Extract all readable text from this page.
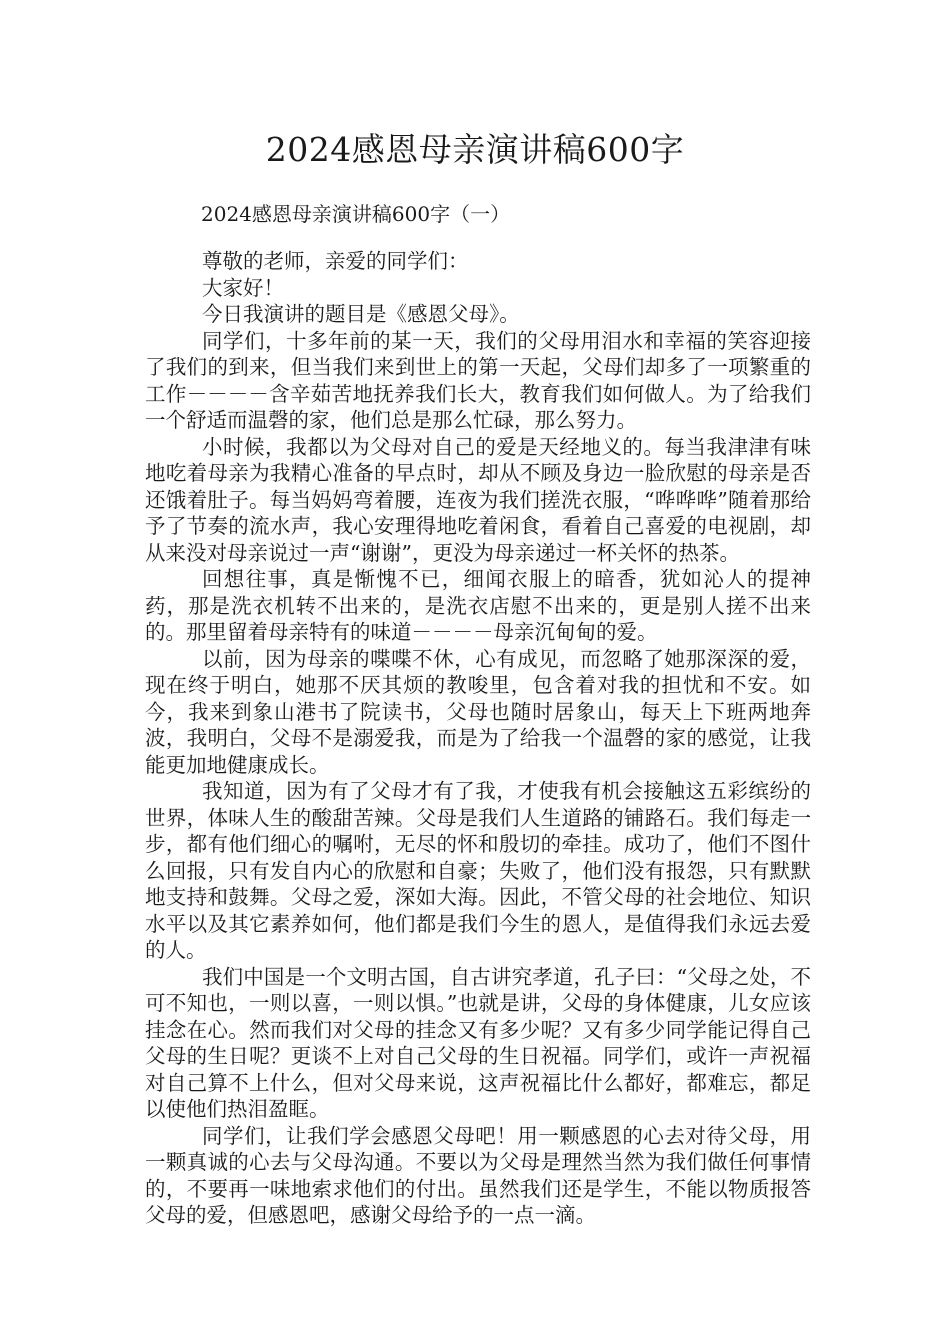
2024感恩母亲演讲稿600字
2024感恩母亲演讲稿600字（一）

尊敬的老师，亲爱的同学们：

大家好！

今日我演讲的题目是《感恩父母》。

同学们，十多年前的某一天，我们的父母用泪水和幸福的笑容迎接了我们的到来，但当我们来到世上的第一天起，父母们却多了一项繁重的工作－－－－含辛茹苦地抚养我们长大，教育我们如何做人。为了给我们一个舒适而温磬的家，他们总是那么忙碌，那么努力。

小时候，我都以为父母对自己的爱是天经地义的。每当我津津有味地吃着母亲为我精心准备的早点时，却从不顾及身边一脸欣慰的母亲是否还饿着肚子。每当妈妈弯着腰，连夜为我们搓洗衣服，“哗哗哗”随着那给予了节奏的流水声，我心安理得地吃着闲食，看着自己喜爱的电视剧，却从来没对母亲说过一声“谢谢”，更没为母亲递过一杯关怀的热茶。

回想往事，真是惭愧不已，细闻衣服上的暗香，犹如沁人的提神药，那是洗衣机转不出来的，是洗衣店慰不出来的，更是别人搓不出来的。那里留着母亲特有的味道－－－－母亲沉甸甸的爱。

以前，因为母亲的喋喋不休，心有成见，而忽略了她那深深的爱，现在终于明白，她那不厌其烦的教唆里，包含着对我的担忧和不安。如今，我来到象山港书了院读书，父母也随时居象山，每天上下班两地奔波，我明白，父母不是溺爱我，而是为了给我一个温磬的家的感觉，让我能更加地健康成长。

我知道，因为有了父母才有了我，才使我有机会接触这五彩缤纷的世界，体味人生的酸甜苦辣。父母是我们人生道路的铺路石。我们每走一步，都有他们细心的嘱咐，无尽的怀和殷切的牵挂。成功了，他们不图什么回报，只有发自内心的欣慰和自豪；失败了，他们没有报怨，只有默默地支持和鼓舞。父母之爱，深如大海。因此，不管父母的社会地位、知识水平以及其它素养如何，他们都是我们今生的恩人，是值得我们永远去爱的人。

我们中国是一个文明古国，自古讲究孝道，孔子曰：“父母之处，不可不知也，一则以喜，一则以惧。”也就是讲，父母的身体健康，儿女应该挂念在心。然而我们对父母的挂念又有多少呢？又有多少同学能记得自己父母的生日呢？更谈不上对自己父母的生日祝福。同学们，或许一声祝福对自己算不上什么，但对父母来说，这声祝福比什么都好，都难忘，都足以使他们热泪盈眶。

同学们，让我们学会感恩父母吧！用一颗感恩的心去对待父母，用一颗真诚的心去与父母沟通。不要以为父母是理然当然为我们做任何事情的，不要再一味地索求他们的付出。虽然我们还是学生，不能以物质报答父母的爱，但感恩吧，感谢父母给予的一点一滴。
